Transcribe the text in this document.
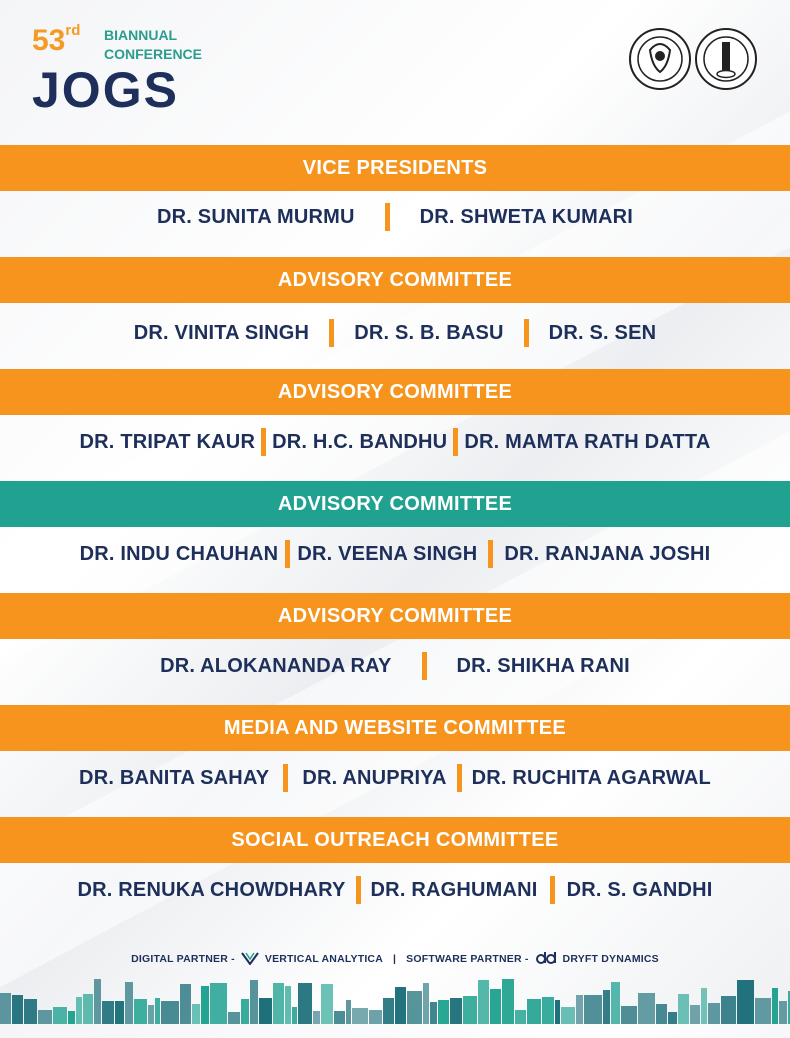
53rd BIANNUAL
CONFERENCE
JOGS
VICE PRESIDENTS
DR. SUNITA MURMU	DR. SHWETA KUMARI
ADVISORY COMMITTEE
DR. VINITA SINGH DR. S. B. BASU DR. S. SEN
ADVISORY COMMITTEE
DR. TRIPAT KAUR DR. H.C. BANDHU DR. MAMTA RATH DATTA
ADVISORY COMMITTEE
DR. INDU CHAUHAN DR. VEENA SINGH DR. RANJANA JOSHI
ADVISORY COMMITTEE
DR. ALOKANANDA RAY	DR. SHIKHA RANI
MEDIA AND WEBSITE COMMITTEE
DR. BANITA SAHAY DR. ANUPRIYA DR. RUCHITA AGARWAL
SOCIAL OUTREACH COMMITTEE
DR. RENUKA CHOWDHARY DR. RAGHUMANI DR. S. GANDHI
DIGITAL PARTNER -	VERTICAL ANALYTICA | SOFTWARE PARTNER -	DRYFT DYNAMICS
